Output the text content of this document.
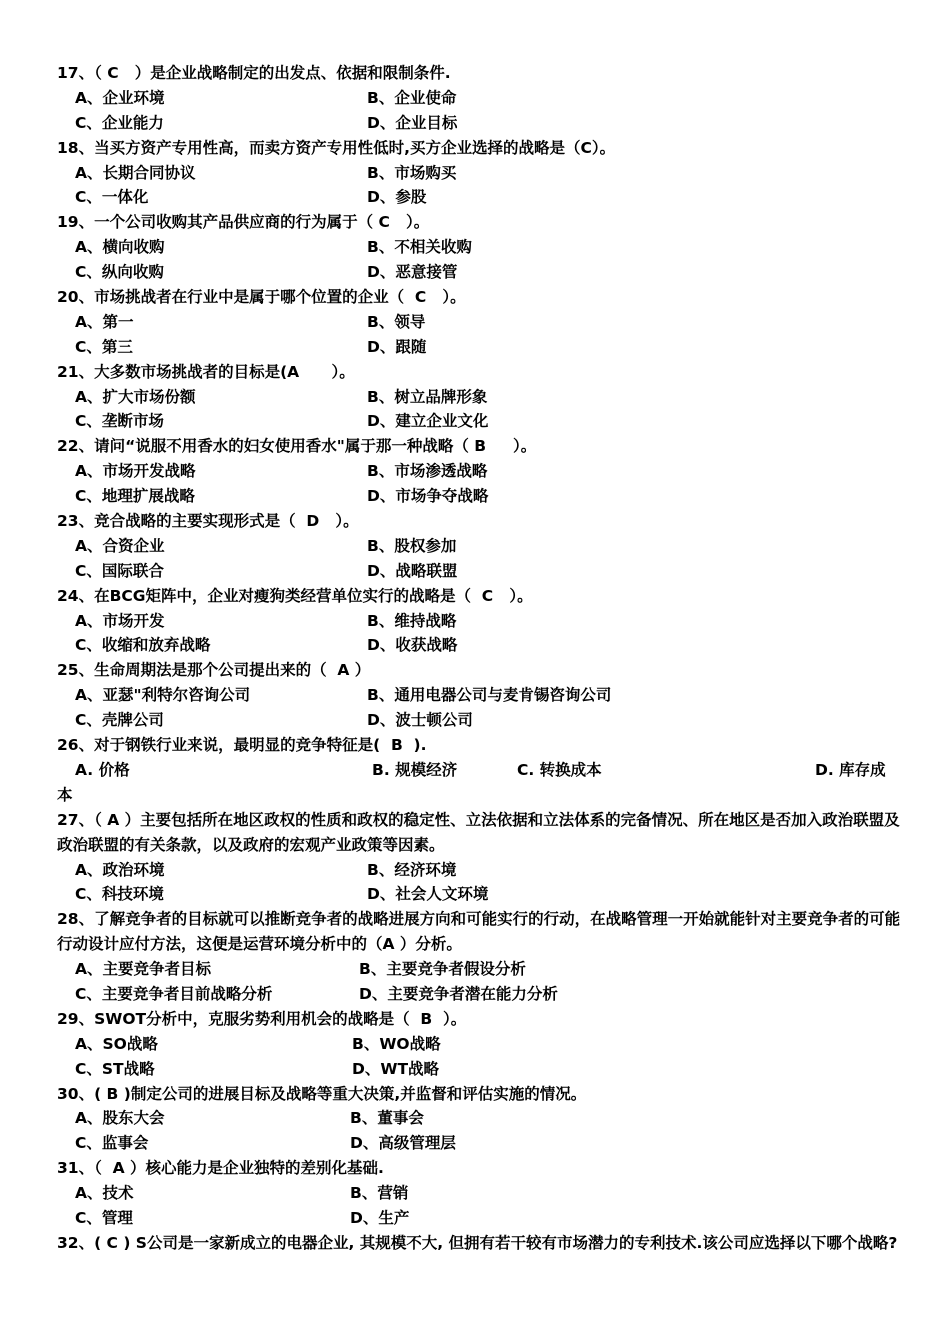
17、（ C   ）是企业战略制定的出发点、依据和限制条件.
A、企业环境	B、企业使命
C、企业能力	D、企业目标
18、当买方资产专用性高，而卖方资产专用性低时,买方企业选择的战略是（C）。
A、长期合同协议	B、市场购买
C、一体化	D、参股
19、一个公司收购其产品供应商的行为属于（ C   ）。
A、横向收购	B、不相关收购
C、纵向收购	D、恶意接管
20、市场挑战者在行业中是属于哪个位置的企业（  C   ）。
A、第一	B、领导
C、第三	D、跟随
21、大多数市场挑战者的目标是(A      ）。
A、扩大市场份额	B、树立品牌形象
C、垄断市场	D、建立企业文化
22、请问“说服不用香水的妇女使用香水"属于那一种战略（ B     ）。
A、市场开发战略	B、市场渗透战略
C、地理扩展战略	D、市场争夺战略
23、竞合战略的主要实现形式是（  D   ）。
A、合资企业	B、股权参加
C、国际联合	D、战略联盟
24、在BCG矩阵中，企业对瘦狗类经营单位实行的战略是（  C   ）。
A、市场开发	B、维持战略
C、收缩和放弃战略	D、收获战略
25、生命周期法是那个公司提出来的（  A ）
A、亚瑟"利特尔咨询公司	B、通用电器公司与麦肯锡咨询公司
C、壳牌公司	D、波士顿公司
26、对于钢铁行业来说，最明显的竞争特征是(  B  ).
A. 价格	B. 规模经济	C. 转换成本	D. 库存成
本
27、（ A ）主要包括所在地区政权的性质和政权的稳定性、立法依据和立法体系的完备情况、所在地区是否加入政治联盟及政治联盟的有关条款，以及政府的宏观产业政策等因素。
A、政治环境	B、经济环境
C、科技环境	D、社会人文环境
28、了解竞争者的目标就可以推断竞争者的战略进展方向和可能实行的行动，在战略管理一开始就能针对主要竞争者的可能行动设计应付方法，这便是运营环境分析中的（A ）分析。
A、主要竞争者目标	B、主要竞争者假设分析
C、主要竞争者目前战略分析	D、主要竞争者潜在能力分析
29、SWOT分析中，克服劣势利用机会的战略是（  B  ）。
A、SO战略	B、WO战略
C、ST战略	D、WT战略
30、( B )制定公司的进展目标及战略等重大决策,并监督和评估实施的情况。
A、股东大会	B、董事会
C、监事会	D、高级管理层
31、（  A ）核心能力是企业独特的差别化基础.
A、技术	B、营销
C、管理	D、生产
32、( C ) S公司是一家新成立的电器企业, 其规模不大, 但拥有若干较有市场潜力的专利技术.该公司应选择以下哪个战略?
